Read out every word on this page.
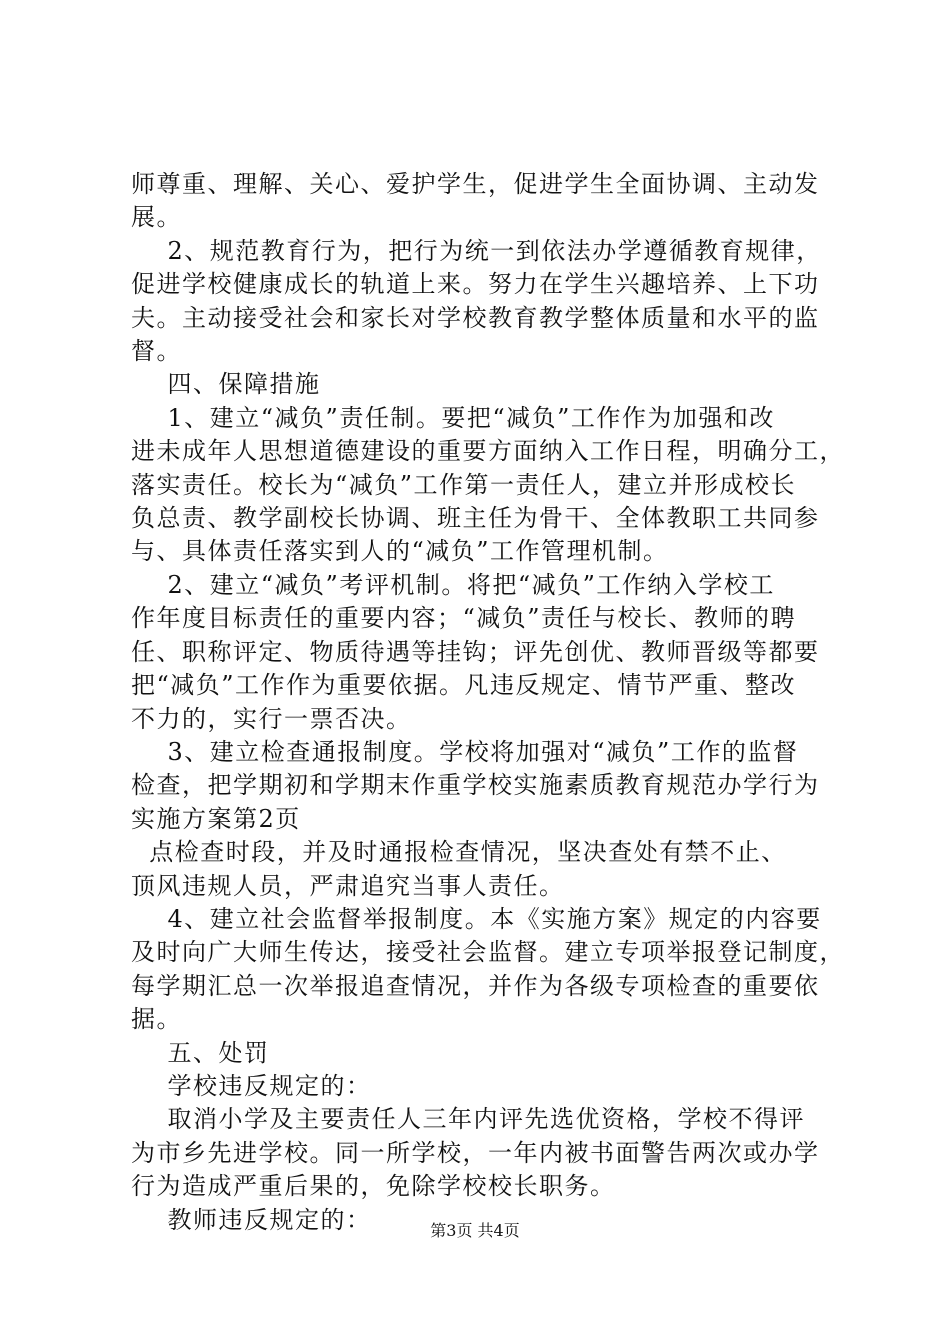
师尊重、理解、关心、爱护学生，促进学生全面协调、主动发

展。

2、规范教育行为，把行为统一到依法办学遵循教育规律，

促进学校健康成长的轨道上来。努力在学生兴趣培养、上下功

夫。主动接受社会和家长对学校教育教学整体质量和水平的监

督。

四、保障措施

1、建立“减负”责任制。要把“减负”工作作为加强和改

进未成年人思想道德建设的重要方面纳入工作日程，明确分工，

落实责任。校长为“减负”工作第一责任人，建立并形成校长

负总责、教学副校长协调、班主任为骨干、全体教职工共同参

与、具体责任落实到人的“减负”工作管理机制。

2、建立“减负”考评机制。将把“减负”工作纳入学校工

作年度目标责任的重要内容；“减负”责任与校长、教师的聘

任、职称评定、物质待遇等挂钩；评先创优、教师晋级等都要

把“减负”工作作为重要依据。凡违反规定、情节严重、整改

不力的，实行一票否决。

3、建立检查通报制度。学校将加强对“减负”工作的监督

检查，把学期初和学期末作重学校实施素质教育规范办学行为

实施方案第2页

点检查时段，并及时通报检查情况，坚决查处有禁不止、

顶风违规人员，严肃追究当事人责任。

4、建立社会监督举报制度。本《实施方案》规定的内容要

及时向广大师生传达，接受社会监督。建立专项举报登记制度，

每学期汇总一次举报追查情况，并作为各级专项检查的重要依

据。

五、处罚

学校违反规定的：

取消小学及主要责任人三年内评先选优资格，学校不得评

为市乡先进学校。同一所学校，一年内被书面警告两次或办学

行为造成严重后果的，免除学校校长职务。

教师违反规定的：	第3页 共4页
